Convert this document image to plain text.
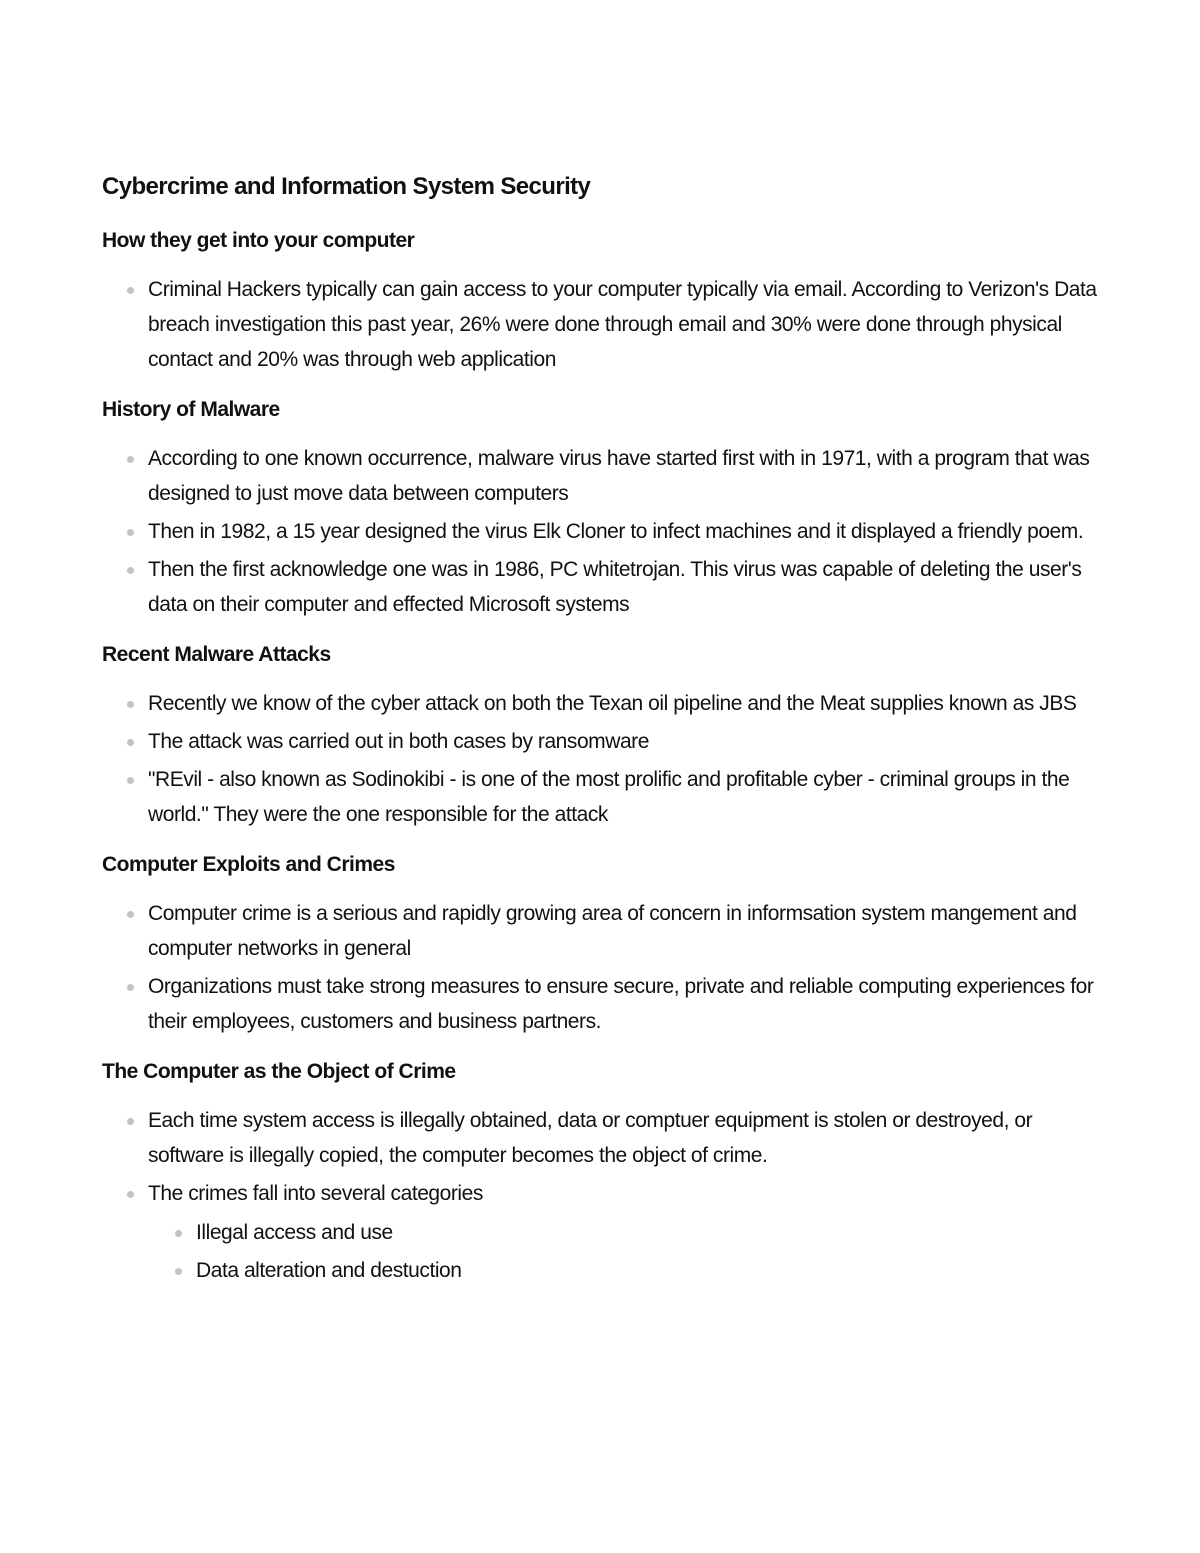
Cybercrime and Information System Security
How they get into your computer
Criminal Hackers typically can gain access to your computer typically via email. According to Verizon's Data breach investigation this past year, 26% were done through email and 30% were done through physical contact and 20% was through web application
History of Malware
According to one known occurrence, malware virus have started first with in 1971, with a program that was designed to just move data between computers
Then in 1982, a 15 year designed the virus Elk Cloner to infect machines and it displayed a friendly poem.
Then the first acknowledge one was in 1986, PC whitetrojan. This virus was capable of deleting the user's data on their computer and effected Microsoft systems
Recent Malware Attacks
Recently we know of the cyber attack on both the Texan oil pipeline and the Meat supplies known as JBS
The attack was carried out in both cases by ransomware
"REvil - also known as Sodinokibi - is one of the most prolific and profitable cyber - criminal groups in the world." They were the one responsible for the attack
Computer Exploits and Crimes
Computer crime is a serious and rapidly growing area of concern in informsation system mangement and computer networks in general
Organizations must take strong measures to ensure secure, private and reliable computing experiences for their employees, customers and business partners.
The Computer as the Object of Crime
Each time system access is illegally obtained, data or comptuer equipment is stolen or destroyed, or software is illegally copied, the computer becomes the object of crime.
The crimes fall into several categories
Illegal access and use
Data alteration and destuction
